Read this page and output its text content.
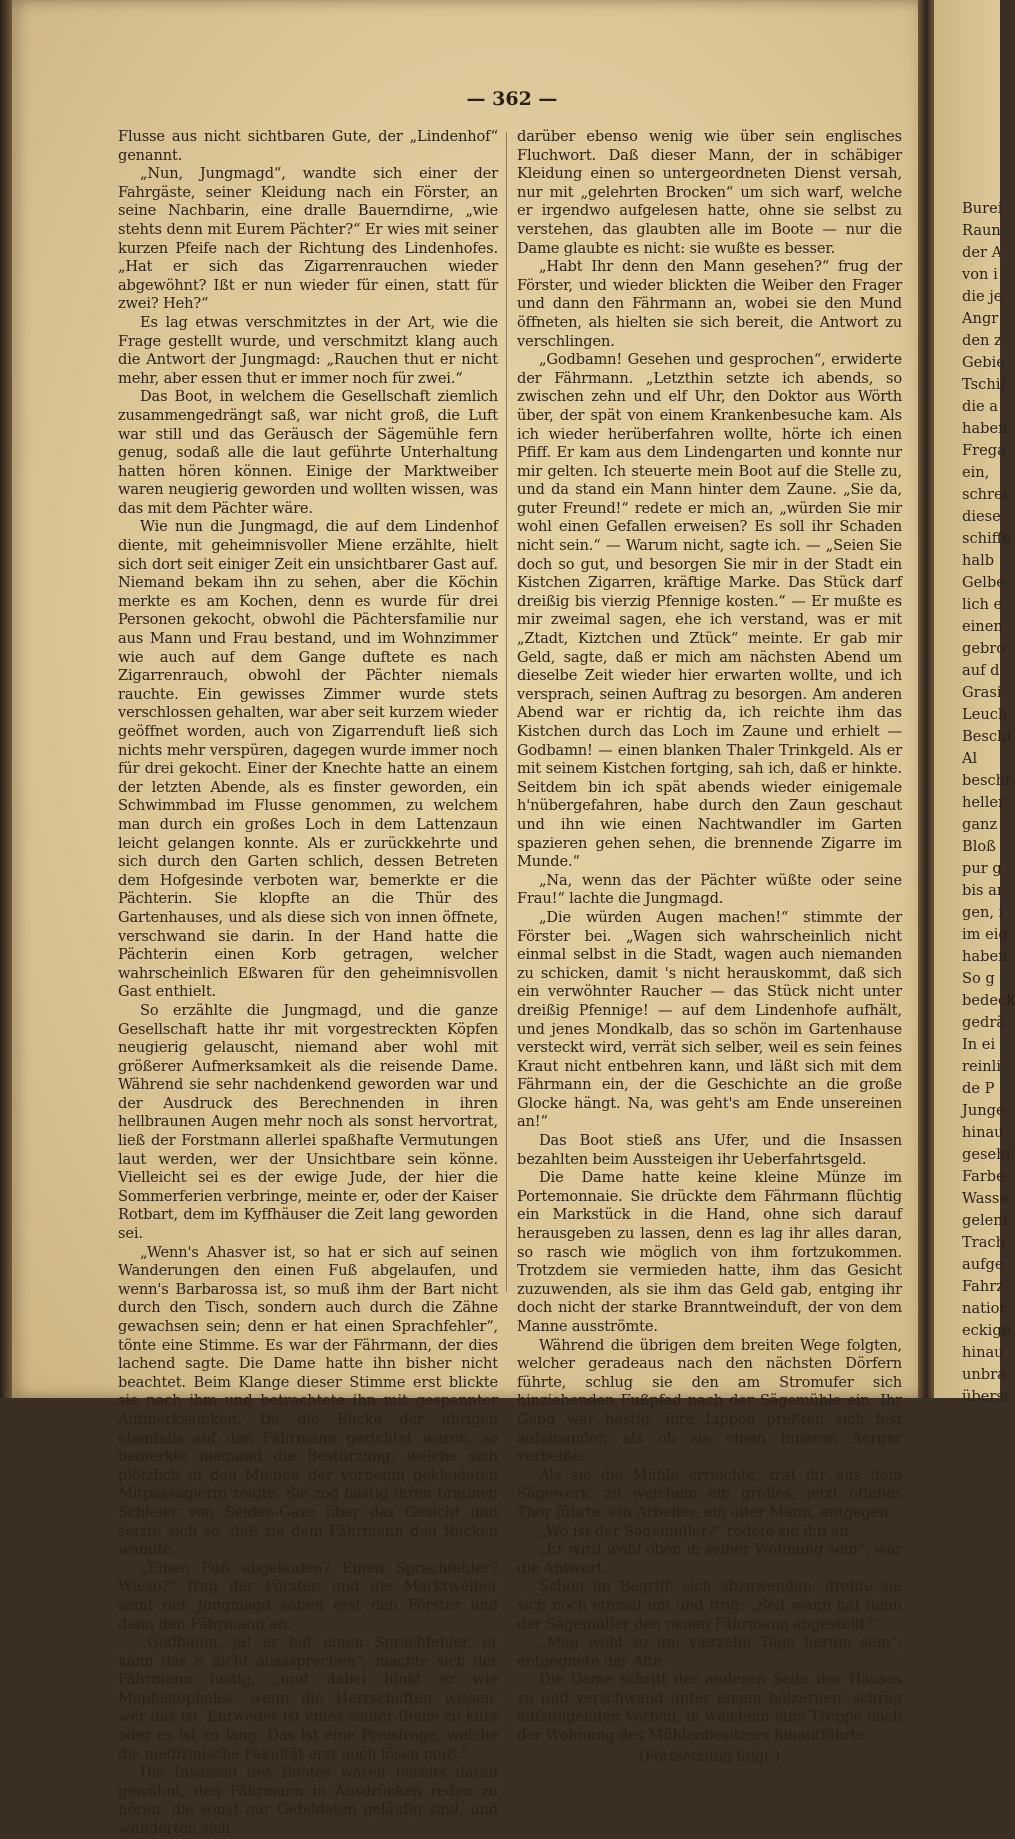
Burei
Raun
der A
von i
die je
Angr
den z
Gebie
Tschif
die a
haben
Frega
ein,
schrei
diese
schiffe
halb
Gelbe
lich e
einen
gebro
auf d
Grasi
Leuch
Beschi
Al
beschr
heller
ganz
Bloß
pur g
bis ar
gen, i
im eig
haben
So g
bedeck
gedrä
In ei
reinli
de P
Junge
hinau
gesehr
Farbe
Wasse
gelenl
Trach
aufge
Fahrz
natior
eckige
hinau
unbra
übersi
— 362 —

Flusse aus nicht sichtbaren Gute, der „Lindenhof“ genannt.

„Nun, Jungmagd“, wandte sich einer der Fahrgäste, seiner Kleidung nach ein Förster, an seine Nachbarin, eine dralle Bauerndirne, „wie stehts denn mit Eurem Pächter?“ Er wies mit seiner kurzen Pfeife nach der Richtung des Lindenhofes. „Hat er sich das Zigarrenrauchen wieder abgewöhnt? Ißt er nun wieder für einen, statt für zwei? Heh?“

Es lag etwas verschmitztes in der Art, wie die Frage gestellt wurde, und verschmitzt klang auch die Antwort der Jungmagd: „Rauchen thut er nicht mehr, aber essen thut er immer noch für zwei.“

Das Boot, in welchem die Gesellschaft ziemlich zusammengedrängt saß, war nicht groß, die Luft war still und das Geräusch der Sägemühle fern genug, sodaß alle die laut geführte Unterhaltung hatten hören können. Einige der Marktweiber waren neugierig geworden und wollten wissen, was das mit dem Pächter wäre.

Wie nun die Jungmagd, die auf dem Lindenhof diente, mit geheimnisvoller Miene erzählte, hielt sich dort seit einiger Zeit ein unsichtbarer Gast auf. Niemand bekam ihn zu sehen, aber die Köchin merkte es am Kochen, denn es wurde für drei Personen gekocht, obwohl die Pächtersfamilie nur aus Mann und Frau bestand, und im Wohnzimmer wie auch auf dem Gange duftete es nach Zigarrenrauch, obwohl der Pächter niemals rauchte. Ein gewisses Zimmer wurde stets verschlossen gehalten, war aber seit kurzem wieder geöffnet worden, auch von Zigarrenduft ließ sich nichts mehr verspüren, dagegen wurde immer noch für drei gekocht. Einer der Knechte hatte an einem der letzten Abende, als es finster geworden, ein Schwimmbad im Flusse genommen, zu welchem man durch ein großes Loch in dem Lattenzaun leicht gelangen konnte. Als er zurückkehrte und sich durch den Garten schlich, dessen Betreten dem Hofgesinde verboten war, bemerkte er die Pächterin. Sie klopfte an die Thür des Gartenhauses, und als diese sich von innen öffnete, verschwand sie darin. In der Hand hatte die Pächterin einen Korb getragen, welcher wahrscheinlich Eßwaren für den geheimnisvollen Gast enthielt.

So erzählte die Jungmagd, und die ganze Gesellschaft hatte ihr mit vorgestreckten Köpfen neugierig gelauscht, niemand aber wohl mit größerer Aufmerksamkeit als die reisende Dame. Während sie sehr nachdenkend geworden war und der Ausdruck des Berechnenden in ihren hellbraunen Augen mehr noch als sonst hervortrat, ließ der Forstmann allerlei spaßhafte Vermutungen laut werden, wer der Unsichtbare sein könne. Vielleicht sei es der ewige Jude, der hier die Sommerferien verbringe, meinte er, oder der Kaiser Rotbart, dem im Kyffhäuser die Zeit lang geworden sei.

„Wenn's Ahasver ist, so hat er sich auf seinen Wanderungen den einen Fuß abgelaufen, und wenn's Barbarossa ist, so muß ihm der Bart nicht durch den Tisch, sondern auch durch die Zähne gewachsen sein; denn er hat einen Sprachfehler“, tönte eine Stimme. Es war der Fährmann, der dies lachend sagte. Die Dame hatte ihn bisher nicht beachtet. Beim Klange dieser Stimme erst blickte sie nach ihm und betrachtete ihn mit gespannter Aufmerksamkeit. Da die Blicke der übrigen ebenfalls auf den Fährmann gerichtet waren, so bemerkte niemand die Bestürzung, welche sich plötzlich in den Mienen der vornehm gekleideten Mitpassagierin zeigte. Sie zog hastig ihren braunen Schleier von Seiden-Gaze über das Gesicht und setzte sich so, daß sie dem Fährmann den Rücken wandte.

„Einen Fuß abgelaufen? Einen Sprachfehler? Wieso?“ frug der Förster, und die Marktweiber samt der Jungmagd sahen erst den Förster und dann den Fährmann an.

„Godbamn, ja! er hat einen Sprachfehler, er kann das S nicht ausssprechen“, machte sich der Fährmann lustig, „und dabei hinkt er wie Mephistopheles, wenn die Herrschaften wissen, wer das ist. Entweder ist eines seiner Beine zu kurz oder es ist zu lang. Das ist eine Preisfrage, welche die medizinische Fakultät erst noch lösen muß.“

Die Insassen des Bootes waren bereits daran gewöhnt, den Fährmann in Ausdrücken reden zu hören, die sonst nur Gebildeten geläufig sind, und wunderten sich

darüber ebenso wenig wie über sein englisches Fluchwort. Daß dieser Mann, der in schäbiger Kleidung einen so untergeordneten Dienst versah, nur mit „gelehrten Brocken“ um sich warf, welche er irgendwo aufgelesen hatte, ohne sie selbst zu verstehen, das glaubten alle im Boote — nur die Dame glaubte es nicht: sie wußte es besser.

„Habt Ihr denn den Mann gesehen?“ frug der Förster, und wieder blickten die Weiber den Frager und dann den Fährmann an, wobei sie den Mund öffneten, als hielten sie sich bereit, die Antwort zu verschlingen.

„Godbamn! Gesehen und gesprochen“, erwiderte der Fährmann. „Letzthin setzte ich abends, so zwischen zehn und elf Uhr, den Doktor aus Wörth über, der spät von einem Krankenbesuche kam. Als ich wieder herüberfahren wollte, hörte ich einen Pfiff. Er kam aus dem Lindengarten und konnte nur mir gelten. Ich steuerte mein Boot auf die Stelle zu, und da stand ein Mann hinter dem Zaune. „Sie da, guter Freund!“ redete er mich an, „würden Sie mir wohl einen Gefallen erweisen? Es soll ihr Schaden nicht sein.“ — Warum nicht, sagte ich. — „Seien Sie doch so gut, und besorgen Sie mir in der Stadt ein Kistchen Zigarren, kräftige Marke. Das Stück darf dreißig bis vierzig Pfennige kosten.“ — Er mußte es mir zweimal sagen, ehe ich verstand, was er mit „Ztadt, Kiztchen und Ztück“ meinte. Er gab mir Geld, sagte, daß er mich am nächsten Abend um dieselbe Zeit wieder hier erwarten wollte, und ich versprach, seinen Auftrag zu besorgen. Am anderen Abend war er richtig da, ich reichte ihm das Kistchen durch das Loch im Zaune und erhielt — Godbamn! — einen blanken Thaler Trinkgeld. Als er mit seinem Kistchen fortging, sah ich, daß er hinkte. Seitdem bin ich spät abends wieder einigemale h'nübergefahren, habe durch den Zaun geschaut und ihn wie einen Nachtwandler im Garten spazieren gehen sehen, die brennende Zigarre im Munde.“

„Na, wenn das der Pächter wüßte oder seine Frau!“ lachte die Jungmagd.

„Die würden Augen machen!“ stimmte der Förster bei. „Wagen sich wahrscheinlich nicht einmal selbst in die Stadt, wagen auch niemanden zu schicken, damit 's nicht herauskommt, daß sich ein verwöhnter Raucher — das Stück nicht unter dreißig Pfennige! — auf dem Lindenhofe aufhält, und jenes Mondkalb, das so schön im Gartenhause versteckt wird, verrät sich selber, weil es sein feines Kraut nicht entbehren kann, und läßt sich mit dem Fährmann ein, der die Geschichte an die große Glocke hängt. Na, was geht's am Ende unsereinen an!“

Das Boot stieß ans Ufer, und die Insassen bezahlten beim Aussteigen ihr Ueberfahrtsgeld.

Die Dame hatte keine kleine Münze im Portemonnaie. Sie drückte dem Fährmann flüchtig ein Markstück in die Hand, ohne sich darauf herausgeben zu lassen, denn es lag ihr alles daran, so rasch wie möglich von ihm fortzukommen. Trotzdem sie vermieden hatte, ihm das Gesicht zuzuwenden, als sie ihm das Geld gab, entging ihr doch nicht der starke Branntweinduft, der von dem Manne ausströmte.

Während die übrigen dem breiten Wege folgten, welcher geradeaus nach den nächsten Dörfern führte, schlug sie den am Stromufer sich hinziehenden Fußpfad nach der Sägemühle ein. Ihr Gang war hastig, ihre Lippen preßten sich fest aufeinander, als ob sie einen inneren Aerger verbeiße.

Als sie die Mühle erreichte, trat ihr aus dem Sägewerk, zu welchem ein großes, jetzt offenes Thor führte, ein Arbeiter, ein alter Mann, entgegen.

„Wo ist der Sägemüller?“ redete sie ihn an.

„Er wird wohl oben in seiner Wohnung sein“, war die Antwort.

Schon im Begriff, sich abzuwenden, drehte sie sich noch einmal um und frug: „Seit wann hat denn der Sägemüller den neuen Fährmann angestellt?“

„Mag wohl so um vierzehn Tage herum sein“, entgegnete der Alte.

Die Dame schritt der anderen Seite des Hauses zu und verschwand unter einem hölzernen, schräg aufsteigenden Vorbau, in welchem eine Treppe nach der Wohnung des Mühlenbesitzers hinaufführte.

(Fortsetzung folgt.)
